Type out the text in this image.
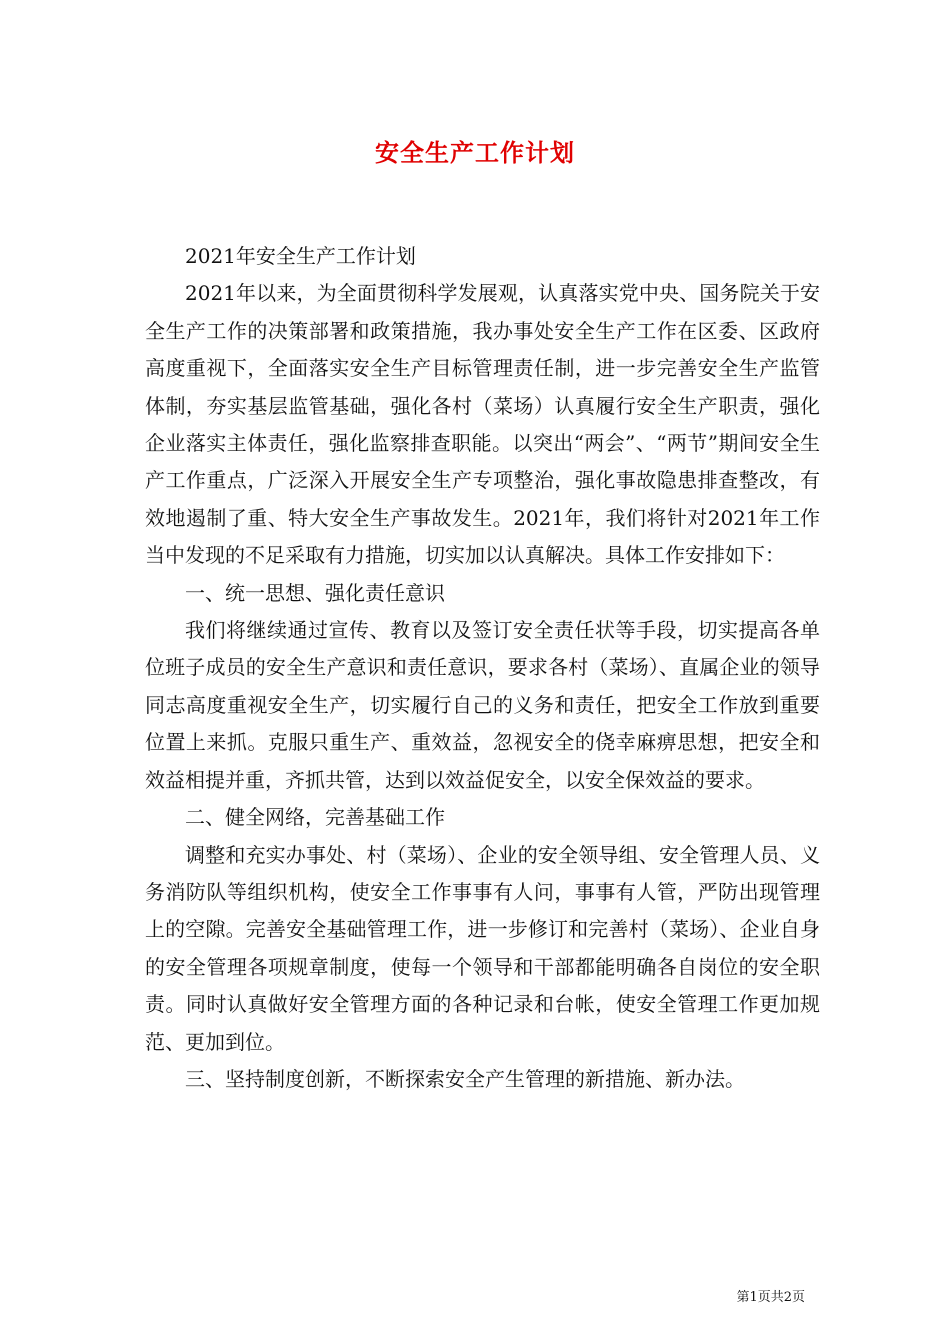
安全生产工作计划

2021年安全生产工作计划

2021年以来，为全面贯彻科学发展观，认真落实党中央、国务院关于安全生产工作的决策部署和政策措施，我办事处安全生产工作在区委、区政府高度重视下，全面落实安全生产目标管理责任制，进一步完善安全生产监管体制，夯实基层监管基础，强化各村（菜场）认真履行安全生产职责，强化企业落实主体责任，强化监察排查职能。以突出“两会”、“两节”期间安全生产工作重点，广泛深入开展安全生产专项整治，强化事故隐患排查整改，有效地遏制了重、特大安全生产事故发生。2021年，我们将针对2021年工作当中发现的不足采取有力措施，切实加以认真解决。具体工作安排如下：

一、统一思想、强化责任意识

我们将继续通过宣传、教育以及签订安全责任状等手段，切实提高各单位班子成员的安全生产意识和责任意识，要求各村（菜场）、直属企业的领导同志高度重视安全生产，切实履行自己的义务和责任，把安全工作放到重要位置上来抓。克服只重生产、重效益，忽视安全的侥幸麻痹思想，把安全和效益相提并重，齐抓共管，达到以效益促安全，以安全保效益的要求。

二、健全网络，完善基础工作

调整和充实办事处、村（菜场）、企业的安全领导组、安全管理人员、义务消防队等组织机构，使安全工作事事有人问，事事有人管，严防出现管理上的空隙。完善安全基础管理工作，进一步修订和完善村（菜场）、企业自身的安全管理各项规章制度，使每一个领导和干部都能明确各自岗位的安全职责。同时认真做好安全管理方面的各种记录和台帐，使安全管理工作更加规范、更加到位。

三、坚持制度创新，不断探索安全产生管理的新措施、新办法。

第1页共2页
